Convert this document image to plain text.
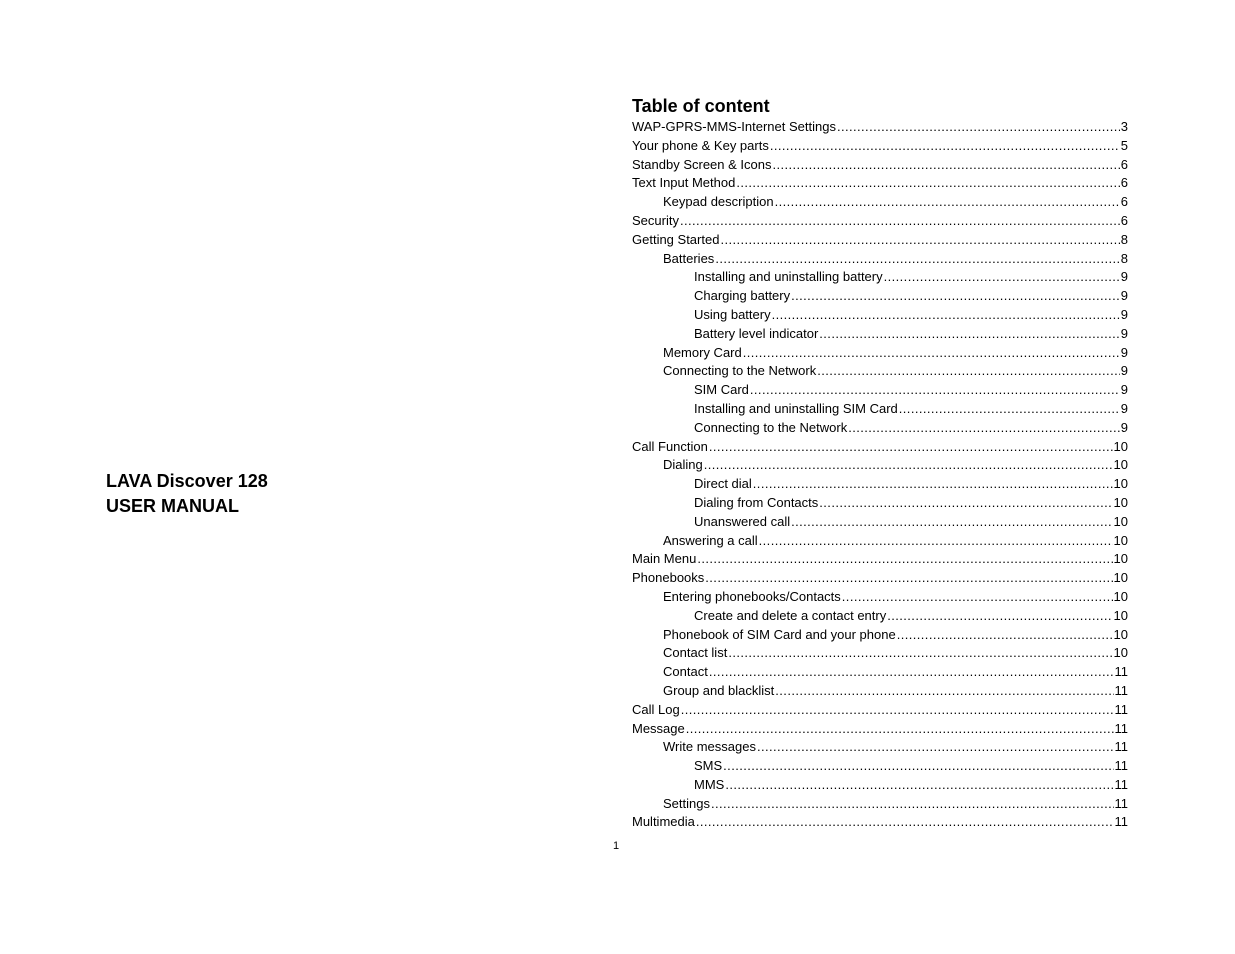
LAVA Discover 128
USER MANUAL
Table of content
WAP-GPRS-MMS-Internet Settings .....	3
Your phone & Key parts .....	5
Standby Screen & Icons .....	6
Text Input Method .....	6
Keypad description .....	6
Security .....	6
Getting Started .....	8
Batteries .....	8
Installing and uninstalling battery .....	9
Charging battery .....	9
Using battery .....	9
Battery level indicator .....	9
Memory Card .....	9
Connecting to the Network .....	9
SIM Card .....	9
Installing and uninstalling SIM Card .....	9
Connecting to the Network .....	9
Call Function .....	10
Dialing .....	10
Direct dial .....	10
Dialing from Contacts .....	10
Unanswered call .....	10
Answering a call .....	10
Main Menu .....	10
Phonebooks .....	10
Entering phonebooks/Contacts .....	10
Create and delete a contact entry .....	10
Phonebook of SIM Card and your phone .....	10
Contact list .....	10
Contact .....	11
Group and blacklist .....	11
Call Log .....	11
Message .....	11
Write messages .....	11
SMS .....	11
MMS .....	11
Settings .....	11
Multimedia .....	11
1
